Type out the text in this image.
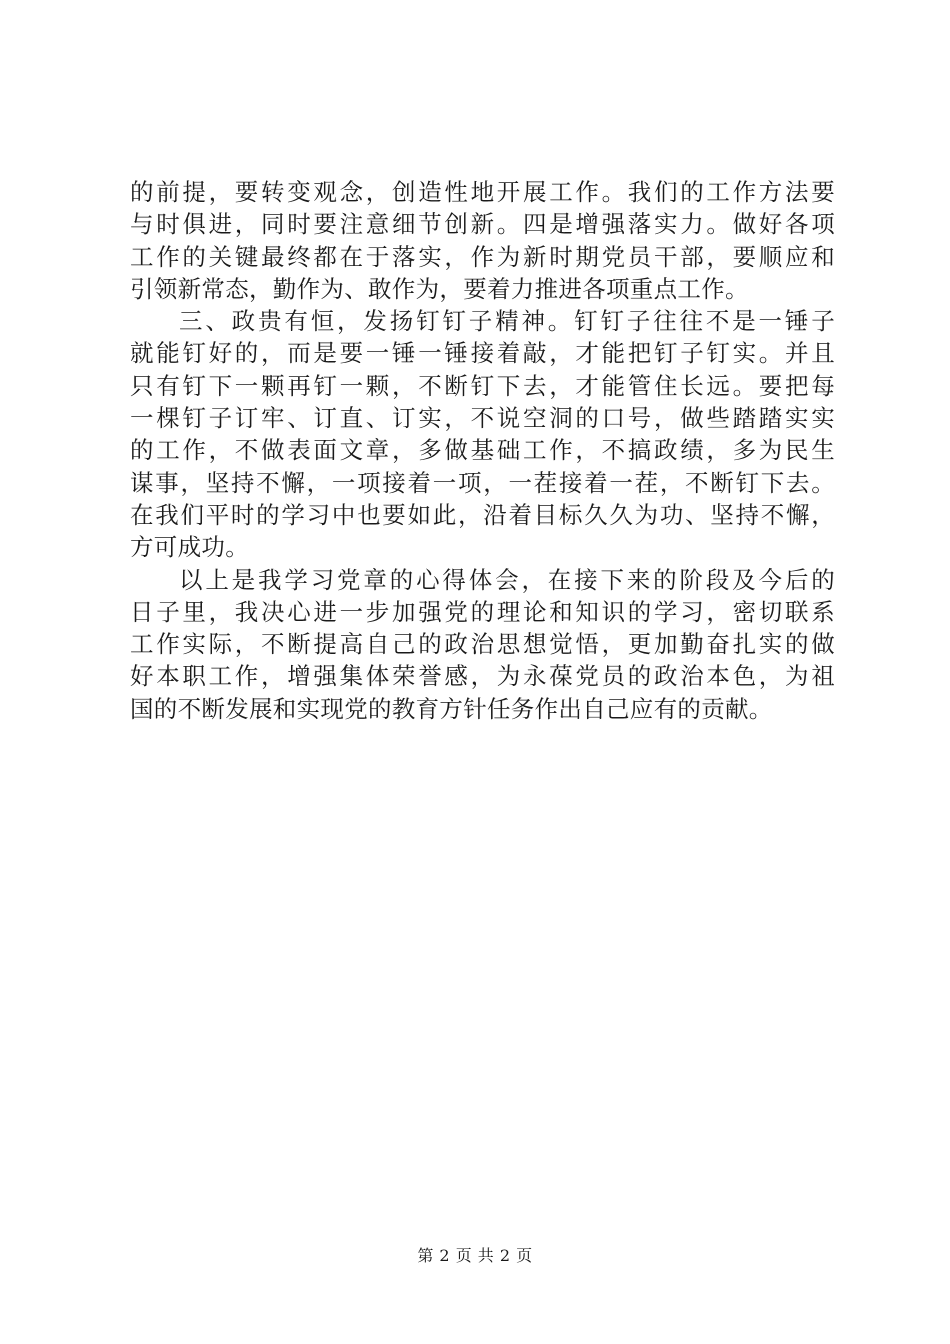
的前提，要转变观念，创造性地开展工作。我们的工作方法要
与时俱进，同时要注意细节创新。四是增强落实力。做好各项
工作的关键最终都在于落实，作为新时期党员干部，要顺应和
引领新常态，勤作为、敢作为，要着力推进各项重点工作。
三、政贵有恒，发扬钉钉子精神。钉钉子往往不是一锤子
就能钉好的，而是要一锤一锤接着敲，才能把钉子钉实。并且
只有钉下一颗再钉一颗，不断钉下去，才能管住长远。要把每
一棵钉子订牢、订直、订实，不说空洞的口号，做些踏踏实实
的工作，不做表面文章，多做基础工作，不搞政绩，多为民生
谋事，坚持不懈，一项接着一项，一茬接着一茬，不断钉下去。
在我们平时的学习中也要如此，沿着目标久久为功、坚持不懈，
方可成功。
以上是我学习党章的心得体会，在接下来的阶段及今后的
日子里，我决心进一步加强党的理论和知识的学习，密切联系
工作实际，不断提高自己的政治思想觉悟，更加勤奋扎实的做
好本职工作，增强集体荣誉感，为永葆党员的政治本色，为祖
国的不断发展和实现党的教育方针任务作出自己应有的贡献。
第 2 页 共 2 页
